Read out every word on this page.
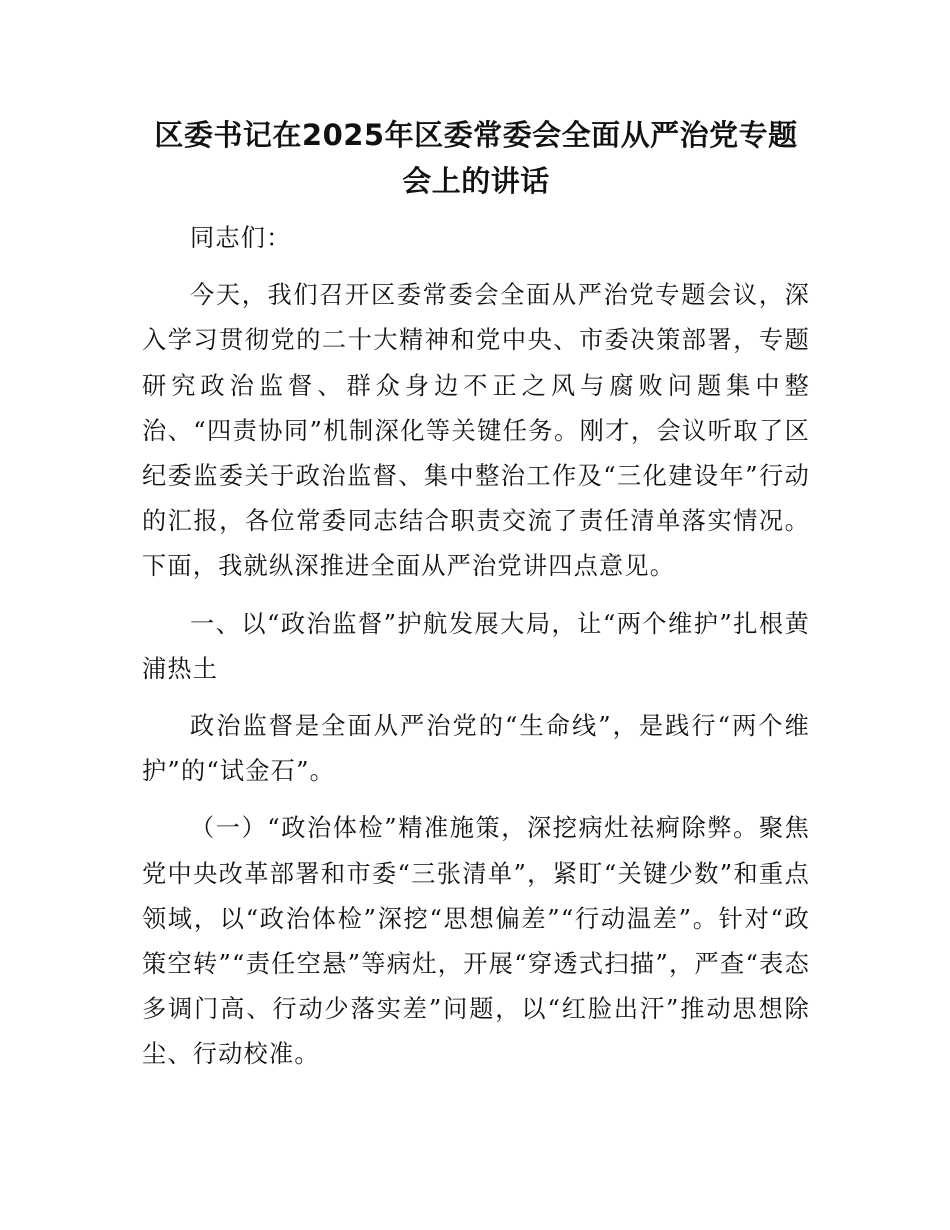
区委书记在2025年区委常委会全面从严治党专题会上的讲话

同志们：

今天，我们召开区委常委会全面从严治党专题会议，深入学习贯彻党的二十大精神和党中央、市委决策部署，专题研究政治监督、群众身边不正之风与腐败问题集中整治、“四责协同”机制深化等关键任务。刚才，会议听取了区纪委监委关于政治监督、集中整治工作及“三化建设年”行动的汇报，各位常委同志结合职责交流了责任清单落实情况。下面，我就纵深推进全面从严治党讲四点意见。

一、以“政治监督”护航发展大局，让“两个维护”扎根黄浦热土

政治监督是全面从严治党的“生命线”，是践行“两个维护”的“试金石”。

（一）“政治体检”精准施策，深挖病灶祛痾除弊。聚焦党中央改革部署和市委“三张清单”，紧盯“关键少数”和重点领域，以“政治体检”深挖“思想偏差”“行动温差”。针对“政策空转”“责任空悬”等病灶，开展“穿透式扫描”，严查“表态多调门高、行动少落实差”问题，以“红脸出汗”推动思想除尘、行动校准。
